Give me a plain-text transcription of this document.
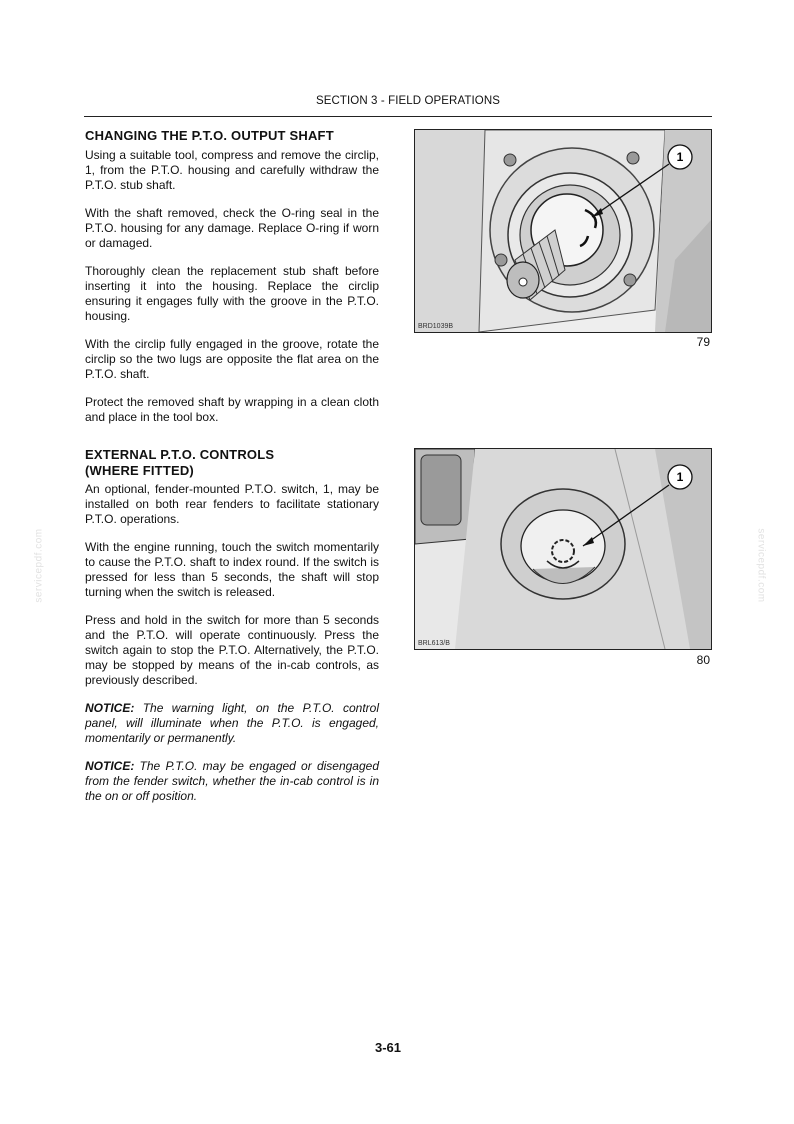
SECTION 3 - FIELD OPERATIONS
CHANGING THE P.T.O. OUTPUT SHAFT

Using a suitable tool, compress and remove the circlip, 1, from the P.T.O. housing and carefully withdraw the P.T.O. stub shaft.

With the shaft removed, check the O-ring seal in the P.T.O. housing for any damage. Replace O-ring if worn or damaged.

Thoroughly clean the replacement stub shaft before inserting it into the housing. Replace the circlip ensuring it engages fully with the groove in the P.T.O. housing.

With the circlip fully engaged in the groove, rotate the circlip so the two lugs are opposite the flat area on the P.T.O. shaft.

Protect the removed shaft by wrapping in a clean cloth and place in the tool box.

EXTERNAL P.T.O. CONTROLS
(WHERE FITTED)

An optional, fender-mounted P.T.O. switch, 1, may be installed on both rear fenders to facilitate stationary P.T.O. operations.

With the engine running, touch the switch momentarily to cause the P.T.O. shaft to index round. If the switch is pressed for less than 5 seconds, the shaft will stop turning when the switch is released.

Press and hold in the switch for more than 5 seconds and the P.T.O. will operate continuously. Press the switch again to stop the P.T.O. Alternatively, the P.T.O. may be stopped by means of the in-cab controls, as previously described.

NOTICE: The warning light, on the P.T.O. control panel, will illuminate when the P.T.O. is engaged, momentarily or permanently.

NOTICE: The P.T.O. may be engaged or disengaged from the fender switch, whether the in-cab control is in the on or off position.

1
BRD1039B
79
1
BRL613/B
80
servicepdf.com	servicepdf.com
3-61
